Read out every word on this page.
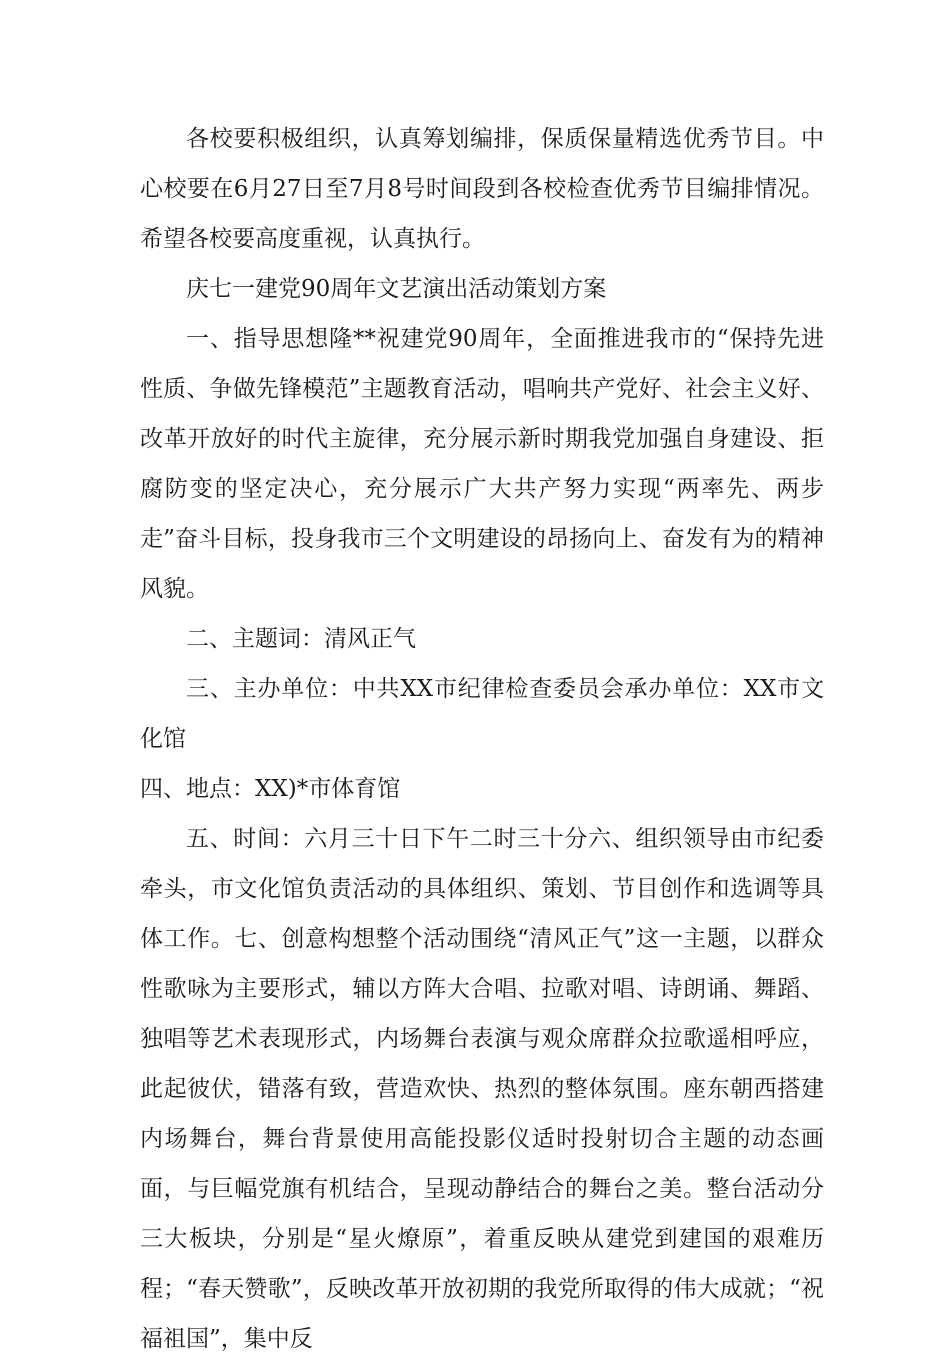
各校要积极组织，认真筹划编排，保质保量精选优秀节目。中心校要在6月27日至7月8号时间段到各校检查优秀节目编排情况。希望各校要高度重视，认真执行。

庆七一建党90周年文艺演出活动策划方案

一、指导思想隆**祝建党90周年，全面推进我市的“保持先进性质、争做先锋模范”主题教育活动，唱响共产党好、社会主义好、改革开放好的时代主旋律，充分展示新时期我党加强自身建设、拒腐防变的坚定决心，充分展示广大共产努力实现“两率先、两步走”奋斗目标，投身我市三个文明建设的昂扬向上、奋发有为的精神风貌。

二、主题词：清风正气

三、主办单位：中共XX市纪律检查委员会承办单位：XX市文化馆

四、地点：XX)*市体育馆

五、时间：六月三十日下午二时三十分六、组织领导由市纪委牵头，市文化馆负责活动的具体组织、策划、节目创作和选调等具体工作。七、创意构想整个活动围绕“清风正气”这一主题，以群众性歌咏为主要形式，辅以方阵大合唱、拉歌对唱、诗朗诵、舞蹈、独唱等艺术表现形式，内场舞台表演与观众席群众拉歌遥相呼应，此起彼伏，错落有致，营造欢快、热烈的整体氛围。座东朝西搭建内场舞台，舞台背景使用高能投影仪适时投射切合主题的动态画面，与巨幅党旗有机结合，呈现动静结合的舞台之美。整台活动分三大板块，分别是“星火燎原”，着重反映从建党到建国的艰难历程；“春天赞歌”，反映改革开放初期的我党所取得的伟大成就；“祝福祖国”，集中反
